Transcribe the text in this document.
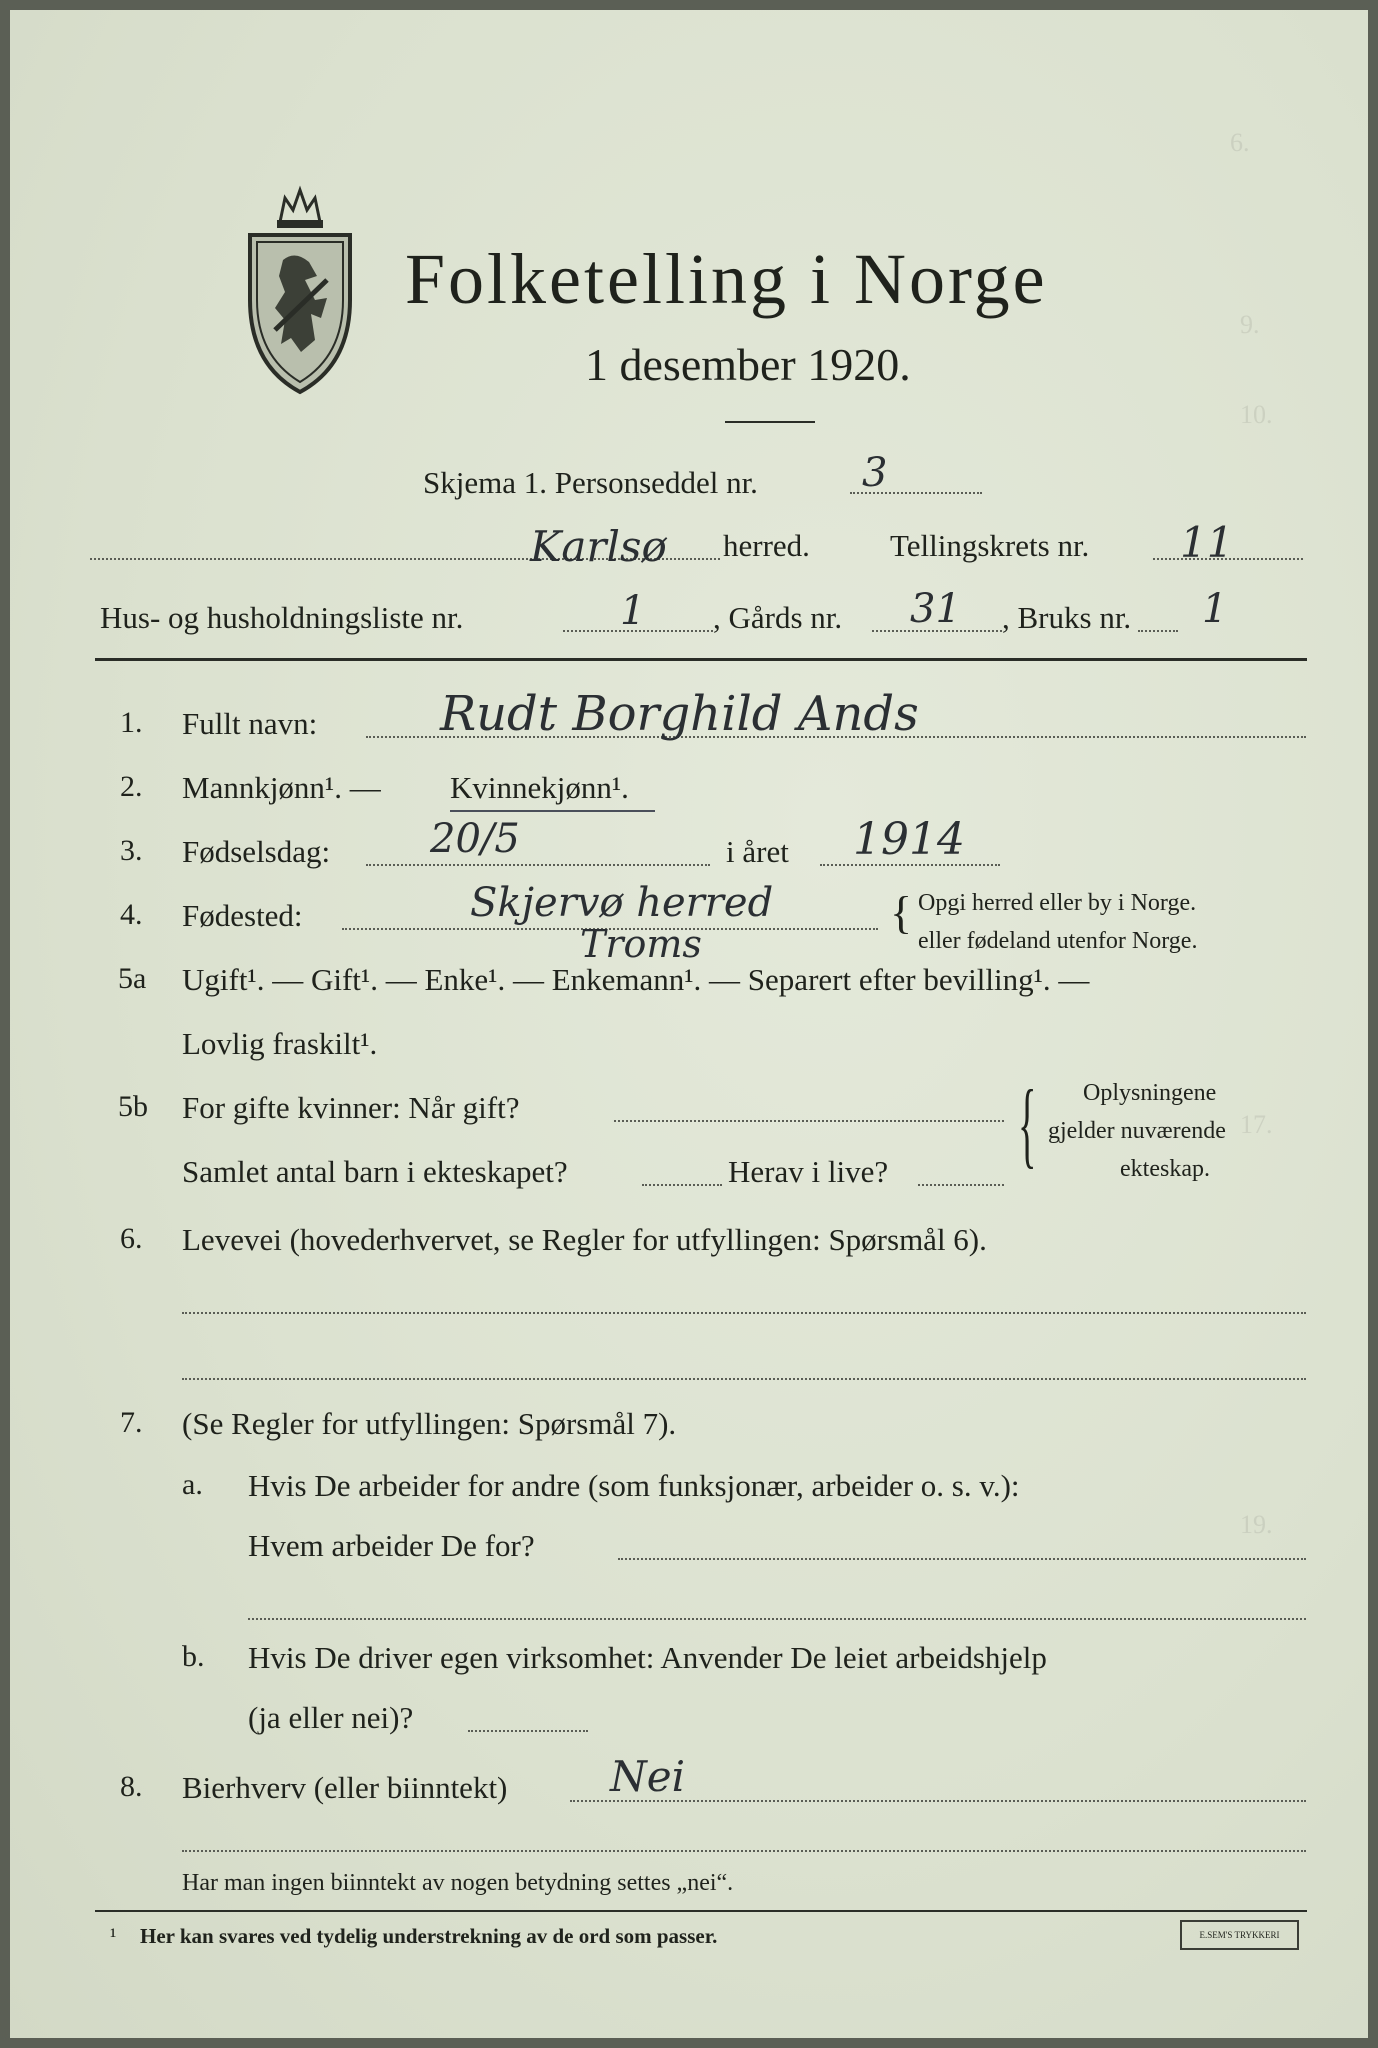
6.
9.
10.
17.
19.
Folketelling i Norge
1 desember 1920.
Skjema 1. Personseddel nr.	3
Karlsø herred.	Tellingskrets nr. 11
Hus- og husholdningsliste nr.	1 , Gårds nr. 31 , Bruks nr. 1
1. Fullt navn:	Rudt Borghild Ands
2. Mannkjønn¹. — Kvinnekjønn¹.
3. Fødselsdag: 20/5	i året 1914
4. Fødested:	Skjervø herred
Troms
{ Opgi herred eller by i Norge.
eller fødeland utenfor Norge.
5a Ugift¹. — Gift¹. — Enke¹. — Enkemann¹. — Separert efter bevilling¹. —
Lovlig fraskilt¹.
5b For gifte kvinner: Når gift?
Samlet antal barn i ekteskapet?	Herav i live? { Oplysningene
gjelder nuværende
ekteskap.
6. Levevei (hovederhvervet, se Regler for utfyllingen: Spørsmål 6).
7. (Se Regler for utfyllingen: Spørsmål 7).
a. Hvis De arbeider for andre (som funksjonær, arbeider o. s. v.):
Hvem arbeider De for?
b. Hvis De driver egen virksomhet: Anvender De leiet arbeidshjelp
(ja eller nei)?
8. Bierhverv (eller biinntekt) Nei
Har man ingen biinntekt av nogen betydning settes „nei“.
¹ Her kan svares ved tydelig understrekning av de ord som passer.	E.SEM'S TRYKKERI
